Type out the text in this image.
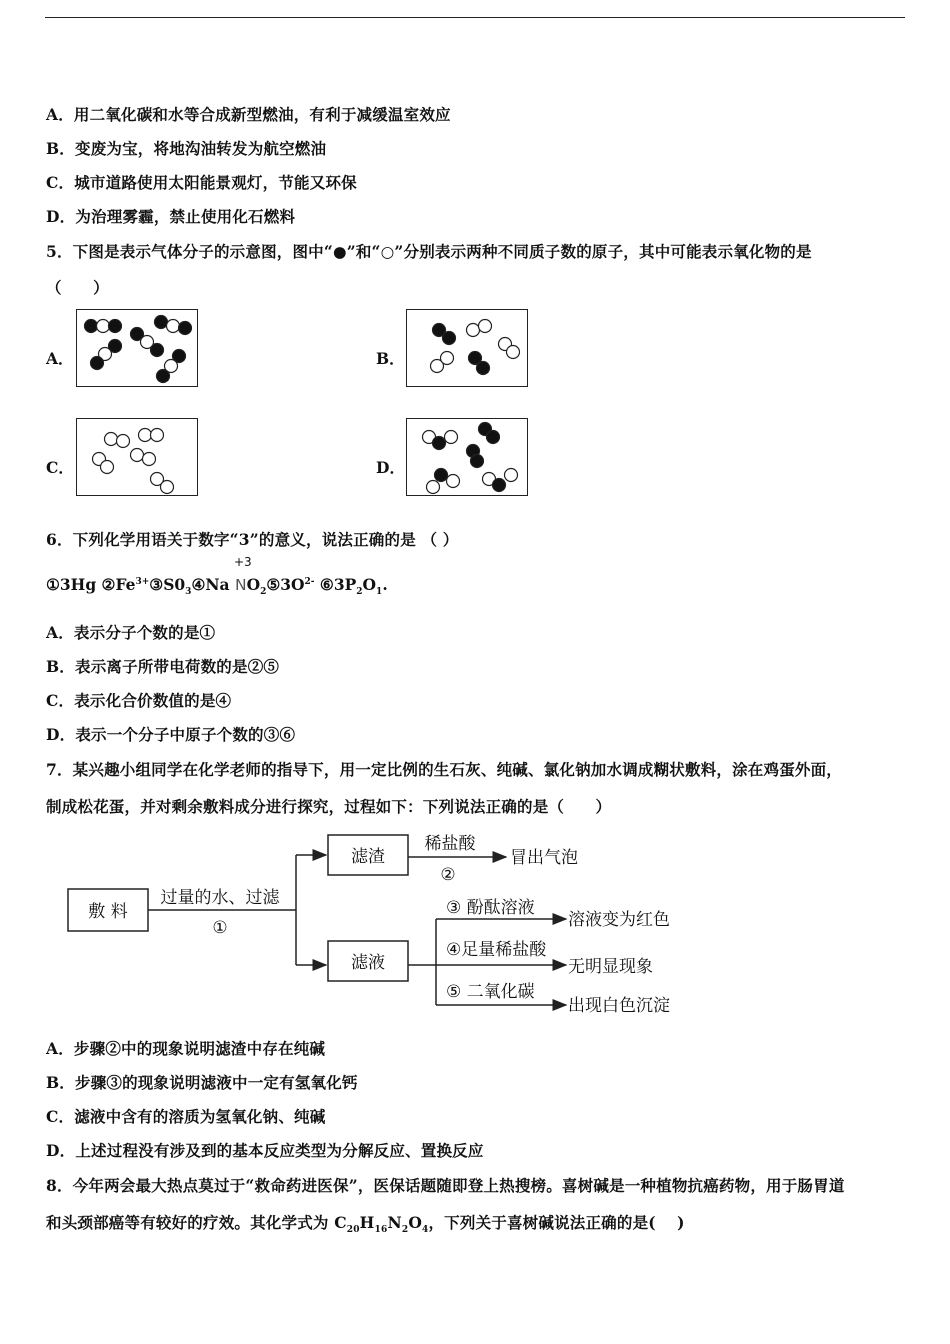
A．用二氧化碳和水等合成新型燃油，有利于减缓温室效应
B．变废为宝，将地沟油转发为航空燃油
C．城市道路使用太阳能景观灯，节能又环保
D．为治理雾霾，禁止使用化石燃料
5．下图是表示气体分子的示意图，图中“●”和“○”分别表示两种不同质子数的原子，其中可能表示氧化物的是
（　　）
A．	B．
C．	D．
6．下列化学用语关于数字“3”的意义，说法正确的是 （ ）
①3Hg $②Fe^{3+}③S0_3④Na$
+3
$NO_2⑤3O^{2-}$ $⑥3P_2O_1$.
A．表示分子个数的是①
B．表示离子所带电荷数的是②⑤
C．表示化合价数值的是④
D．表示一个分子中原子个数的③⑥
7．某兴趣小组同学在化学老师的指导下，用一定比例的生石灰、纯碱、氯化钠加水调成糊状敷料，涂在鸡蛋外面，
制成松花蛋，并对剩余敷料成分进行探究，过程如下：下列说法正确的是（　　）
敷 料
过量的水、过滤
①
滤渣
滤液
稀盐酸
②
冒出气泡
③ 酚酞溶液
溶液变为红色
④足量稀盐酸
无明显现象
⑤ 二氧化碳
出现白色沉淀
A．步骤②中的现象说明滤渣中存在纯碱
B．步骤③的现象说明滤液中一定有氢氧化钙
C．滤液中含有的溶质为氢氧化钠、纯碱
D．上述过程没有涉及到的基本反应类型为分解反应、置换反应
8．今年两会最大热点莫过于“救命药进医保”，医保话题随即登上热搜榜。喜树碱是一种植物抗癌药物，用于肠胃道
和头颈部癌等有较好的疗效。其化学式为 $C_{20}H_{16}N_2O_4$，下列关于喜树碱说法正确的是(　 )
